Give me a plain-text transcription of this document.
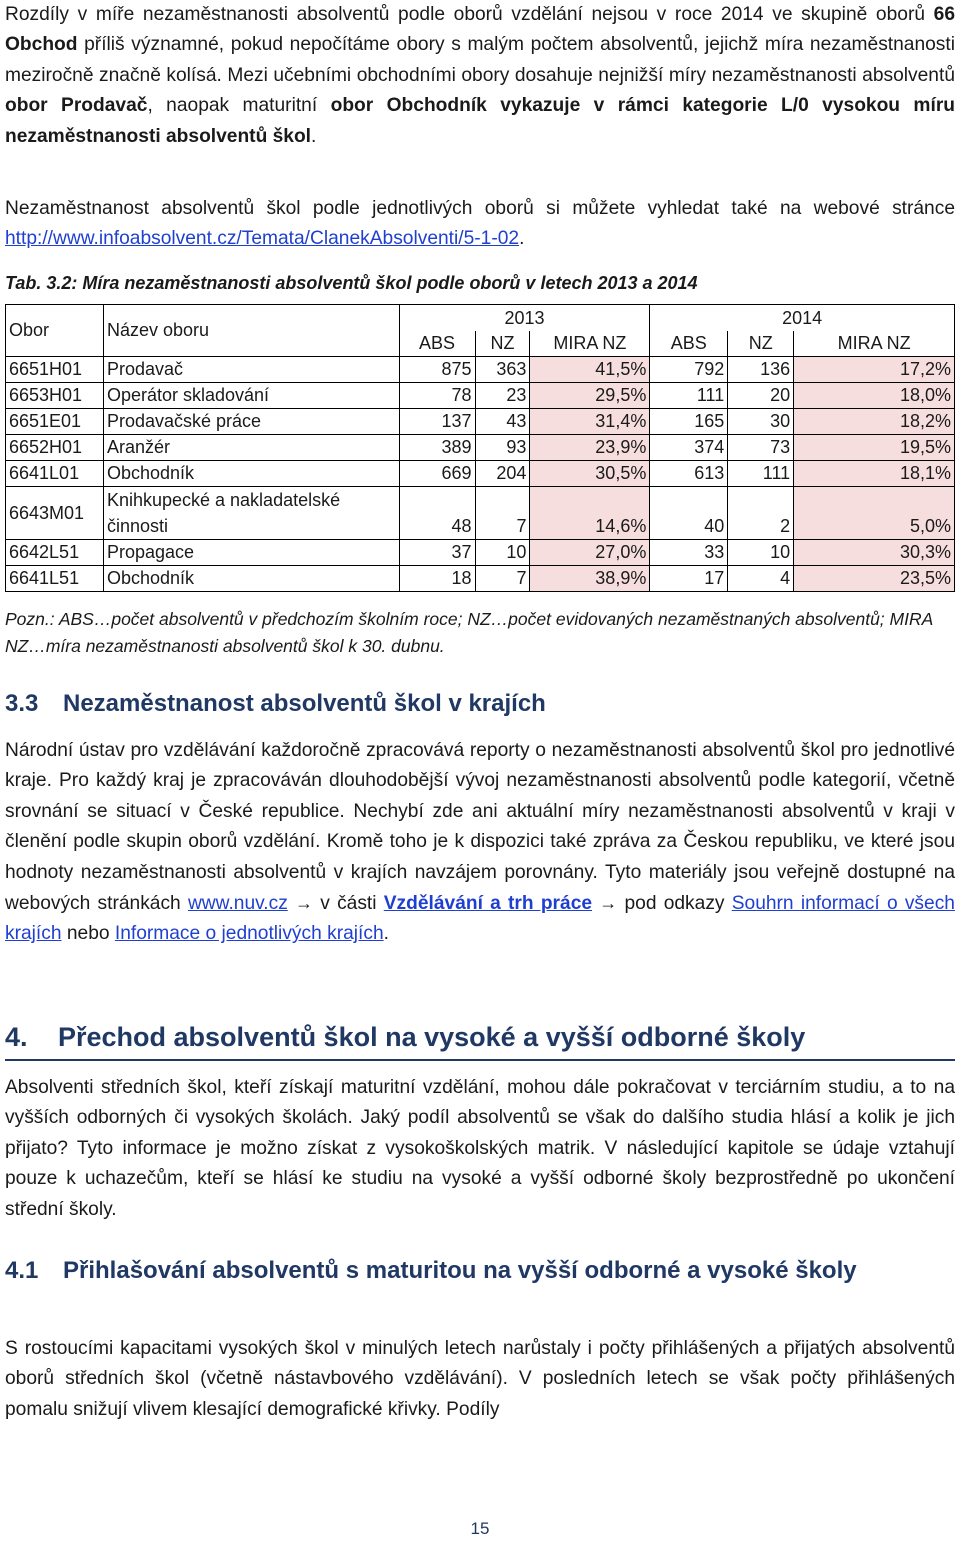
Rozdíly v míře nezaměstnanosti absolventů podle oborů vzdělání nejsou v roce 2014 ve skupině oborů 66 Obchod příliš významné, pokud nepočítáme obory s malým počtem absolventů, jejichž míra nezaměstnanosti meziročně značně kolísá. Mezi učebními obchodními obory dosahuje nejnižší míry nezaměstnanosti absolventů obor Prodavač, naopak maturitní obor Obchodník vykazuje v rámci kategorie L/0 vysokou míru nezaměstnanosti absolventů škol.

Nezaměstnanost absolventů škol podle jednotlivých oborů si můžete vyhledat také na webové stránce http://www.infoabsolvent.cz/Temata/ClanekAbsolventi/5-1-02.

Tab. 3.2: Míra nezaměstnanosti absolventů škol podle oborů v letech 2013 a 2014
Obor	Název oboru	2013			2014		
		ABS	NZ	MIRA NZ	ABS	NZ	MIRA NZ
6651H01	Prodavač	875	363	41,5%	792	136	17,2%
6653H01	Operátor skladování	78	23	29,5%	111	20	18,0%
6651E01	Prodavačské práce	137	43	31,4%	165	30	18,2%
6652H01	Aranžér	389	93	23,9%	374	73	19,5%
6641L01	Obchodník	669	204	30,5%	613	111	18,1%
6643M01	Knihkupecké a nakladatelské činnosti	48	7	14,6%	40	2	5,0%
6642L51	Propagace	37	10	27,0%	33	10	30,3%
6641L51	Obchodník	18	7	38,9%	17	4	23,5%

Pozn.: ABS…počet absolventů v předchozím školním roce; NZ…počet evidovaných nezaměstnaných absolventů; MIRA NZ…míra nezaměstnanosti absolventů škol k 30. dubnu.

3.3 Nezaměstnanost absolventů škol v krajích

Národní ústav pro vzdělávání každoročně zpracovává reporty o nezaměstnanosti absolventů škol pro jednotlivé kraje. Pro každý kraj je zpracováván dlouhodobější vývoj nezaměstnanosti absolventů podle kategorií, včetně srovnání se situací v České republice. Nechybí zde ani aktuální míry nezaměstnanosti absolventů v kraji v členění podle skupin oborů vzdělání. Kromě toho je k dispozici také zpráva za Českou republiku, ve které jsou hodnoty nezaměstnanosti absolventů v krajích navzájem porovnány. Tyto materiály jsou veřejně dostupné na webových stránkách www.nuv.cz → v části Vzdělávání a trh práce → pod odkazy Souhrn informací o všech krajích nebo Informace o jednotlivých krajích.

4. Přechod absolventů škol na vysoké a vyšší odborné školy

Absolventi středních škol, kteří získají maturitní vzdělání, mohou dále pokračovat v terciárním studiu, a to na vyšších odborných či vysokých školách. Jaký podíl absolventů se však do dalšího studia hlásí a kolik je jich přijato? Tyto informace je možno získat z vysokoškolských matrik. V následující kapitole se údaje vztahují pouze k uchazečům, kteří se hlásí ke studiu na vysoké a vyšší odborné školy bezprostředně po ukončení střední školy.

4.1 Přihlašování absolventů s maturitou na vyšší odborné a vysoké školy

S rostoucími kapacitami vysokých škol v minulých letech narůstaly i počty přihlášených a přijatých absolventů oborů středních škol (včetně nástavbového vzdělávání). V posledních letech se však počty přihlášených pomalu snižují vlivem klesající demografické křivky. Podíly

15
